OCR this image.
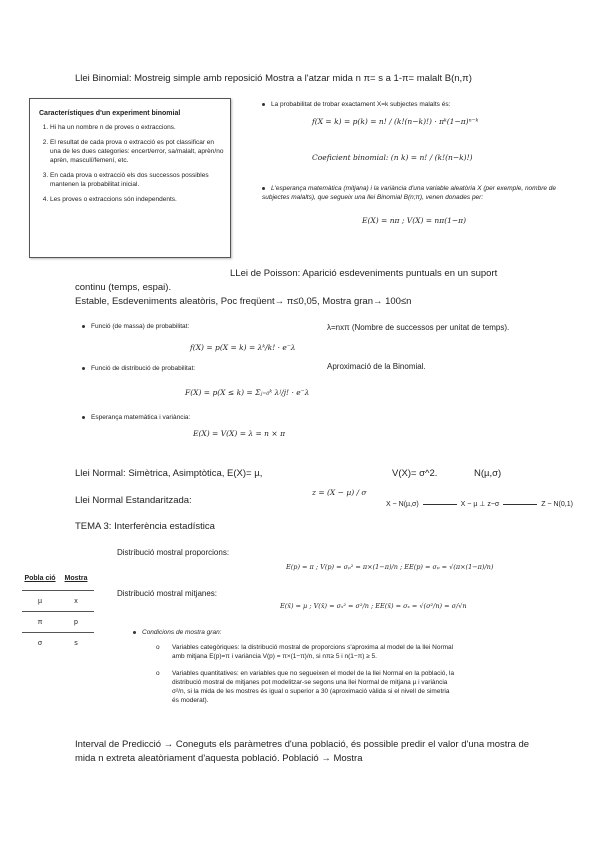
Llei Binomial: Mostreig simple amb reposició Mostra a l'atzar mida n π= s a 1-π= malalt B(n,π)
Característiques d'un experiment binomial
1. Hi ha un nombre n de proves o extraccions.
2. El resultat de cada prova o extracció es pot classificar en una de les dues categories: encert/error, sa/malalt, aprèn/no aprèn, masculí/femení, etc.
3. En cada prova o extracció els dos successos possibles mantenen la probabilitat inicial.
4. Les proves o extraccions són independents.
La probabilitat de trobar exactament X=k subjectes malalts és:
f(X = k) = p(k) = n! / (k!(n−k)!) · πᵏ(1−π)ⁿ⁻ᵏ
Coeficient binomial: (n k) = n! / (k!(n−k)!)
L'esperança matemàtica (mitjana) i la variància d'una variable aleatòria X (per exemple, nombre de subjectes malalts), que segueix una llei Binomial B(n;π), venen donades per:
E(X) = nπ ; V(X) = nπ(1−π)
LLei de Poisson: Aparició esdeveniments puntuals en un suport
continu (temps, espai).
Estable, Esdeveniments aleatòris, Poc freqüent→ π≤0,05, Mostra gran→ 100≤n
Funció (de massa) de probabilitat:
f(X) = p(X = k) = λᵏ/k! · e⁻λ
Funció de distribució de probabilitat:
F(X) = p(X ≤ k) = Σⱼ₌₀ᵏ λʲ/j! · e⁻λ
Esperança matemàtica i variància:
E(X) = V(X) = λ = n × π
λ=nxπ (Nombre de successos per unitat de temps).
Aproximació de la Binomial.
Llei Normal: Simètrica, Asimptòtica, E(X)= µ,	V(X)= σ^2.	N(µ,σ)
Llei Normal Estandaritzada:
z = (X − µ) / σ
X ~ N(µ,σ)	X − µ ⊥ z−σ	Z ~ N(0,1)
TEMA 3: Interferència estadística
Pobla ció	Mostra
µ	x
π	p
σ	s
Distribució mostral proporcions:
E(p) = π ; V(p) = σₚ² = π×(1−π)/n ; EE(p) = σₚ = √(π×(1−π)/n)
Distribució mostral mitjanes:
E(x̄) = µ ; V(x̄) = σₓ² = σ²/n ; EE(x̄) = σₓ = √(σ²/n) = σ/√n
Condicions de mostra gran:
o Variables categòriques: la distribució mostral de proporcions s'aproxima al model de la llei Normal amb mitjana E(p)=π i variància V(p) = π×(1−π)/n, si nπ≥ 5 i n(1−π) ≥ 5.
o Variables quantitatives: en variables que no segueixen el model de la llei Normal en la població, la distribució mostral de mitjanes pot modelitzar-se segons una llei Normal de mitjana µ i variància σ²/n, si la mida de les mostres és igual o superior a 30 (aproximació vàlida si el nivell de simetria és moderat).
Interval de Predicció → Coneguts els paràmetres d'una població, és possible predir el valor d'una mostra de mida n extreta aleatòriament d'aquesta població. Població → Mostra
